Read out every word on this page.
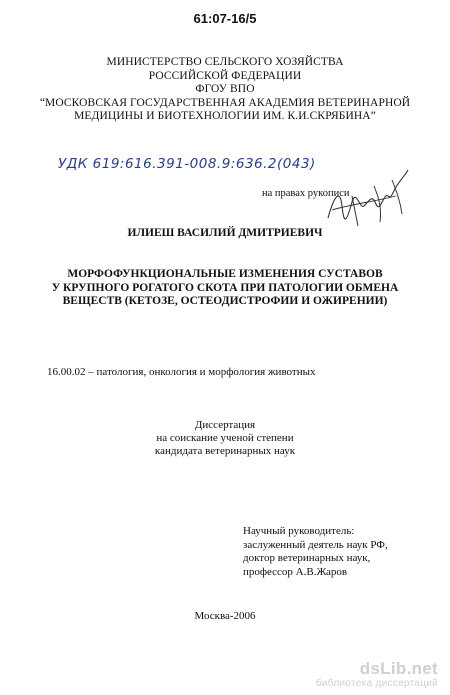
61:07-16/5
МИНИСТЕРСТВО СЕЛЬСКОГО ХОЗЯЙСТВА
РОССИЙСКОЙ ФЕДЕРАЦИИ
ФГОУ ВПО
“МОСКОВСКАЯ ГОСУДАРСТВЕННАЯ АКАДЕМИЯ ВЕТЕРИНАРНОЙ
МЕДИЦИНЫ И БИОТЕХНОЛОГИИ ИМ. К.И.СКРЯБИНА”
УДК 619:616.391-008.9:636.2(043)
на правах рукописи
ИЛИЕШ ВАСИЛИЙ ДМИТРИЕВИЧ
МОРФОФУНКЦИОНАЛЬНЫЕ ИЗМЕНЕНИЯ СУСТАВОВ
У КРУПНОГО РОГАТОГО СКОТА ПРИ ПАТОЛОГИИ ОБМЕНА
ВЕЩЕСТВ (КЕТОЗЕ, ОСТЕОДИСТРОФИИ И ОЖИРЕНИИ)
16.00.02 – патология, онкология и морфология животных
Диссертация
на соискание ученой степени
кандидата ветеринарных наук
Научный руководитель:
заслуженный деятель наук РФ,
доктор ветеринарных наук,
профессор А.В.Жаров
Москва-2006
dsLib.net
библиотека диссертаций
